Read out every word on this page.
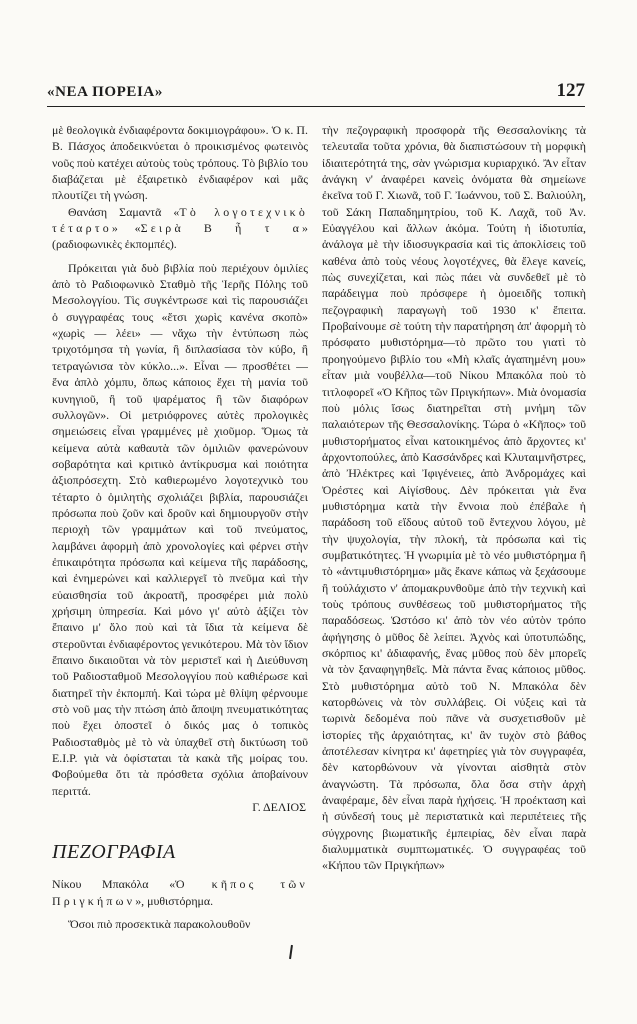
«ΝΕΑ ΠΟΡΕΙΑ»	127

μὲ θεολογικὰ ἐνδιαφέροντα δοκιμιογράφου». Ὁ κ. Π. Β. Πάσχος ἀποδεικνύεται ὁ προικισμένος φωτεινὸς νοῦς ποὺ κατέχει αὐτοὺς τοὺς τρόπους. Τὸ βιβλίο του διαβάζεται μὲ ἐξαιρετικὸ ἐνδιαφέρον καὶ μᾶς πλουτίζει τὴ γνώση.

Θανάση Σαμαντᾶ «Τὸ λογοτεχνικὸ τέταρτο» «Σειρὰ Β ἦ τ α» (ραδιοφωνικὲς ἐκπομπές).

Πρόκειται γιὰ δυὸ βιβλία ποὺ περιέχουν ὁμιλίες ἀπὸ τὸ Ραδιοφωνικὸ Σταθμὸ τῆς Ἱερῆς Πόλης τοῦ Μεσολογγίου. Τὶς συγκέντρωσε καὶ τὶς παρουσιάζει ὁ συγγραφέας τους «ἔτσι χωρὶς κανένα σκοπὸ» «χωρὶς — λέει» — νἄχω τὴν ἐντύπωση πὼς τριχοτόμησα τὴ γωνία, ἢ διπλασίασα τὸν κύβο, ἢ τετραγώνισα τὸν κύκλο...». Εἶναι — προσθέτει — ἕνα ἁπλὸ χόμπυ, ὅπως κάποιος ἔχει τὴ μανία τοῦ κυνηγιοῦ, ἢ τοῦ ψαρέματος ἢ τῶν διαφόρων συλλογῶν». Οἱ μετριόφρονες αὐτὲς προλογικὲς σημειώσεις εἶναι γραμμένες μὲ χιοῦμορ. Ὅμως τὰ κείμενα αὐτὰ καθαυτὰ τῶν ὁμιλιῶν φανερώνουν σοβαρότητα καὶ κριτικὸ ἀντίκρυσμα καὶ ποιότητα ἀξιοπρόσεχτη. Στὸ καθιερωμένο λογοτεχνικὸ του τέταρτο ὁ ὁμιλητὴς σχολιάζει βιβλία, παρουσιάζει πρόσωπα ποὺ ζοῦν καὶ δροῦν καὶ δημιουργοῦν στὴν περιοχὴ τῶν γραμμάτων καὶ τοῦ πνεύματος, λαμβάνει ἀφορμὴ ἀπὸ χρονολογίες καὶ φέρνει στὴν ἐπικαιρότητα πρόσωπα καὶ κείμενα τῆς παράδοσης, καὶ ἐνημερώνει καὶ καλλιεργεῖ τὸ πνεῦμα καὶ τὴν εὐαισθησία τοῦ ἀκροατῆ, προσφέρει μιὰ πολὺ χρήσιμη ὑπηρεσία. Καὶ μόνο γι' αὐτὸ ἀξίζει τὸν ἔπαινο μ' ὅλο ποὺ καὶ τὰ ἴδια τὰ κείμενα δὲ στεροῦνται ἐνδιαφέροντος γενικότερου. Μὰ τὸν ἴδιον ἔπαινο δικαιοῦται νὰ τὸν μεριστεῖ καὶ ἡ Διεύθυνση τοῦ Ραδιοσταθμοῦ Μεσολογγίου ποὺ καθιέρωσε καὶ διατηρεῖ τὴν ἐκπομπή. Καὶ τώρα μὲ θλίψη φέρνουμε στὸ νοῦ μας τὴν πτώση ἀπὸ ἄποψη πνευματικότητας ποὺ ἔχει ὁποστεῖ ὁ δικός μας ὁ τοπικὸς Ραδιοσταθμὸς μὲ τὸ νὰ ὑπαχθεῖ στὴ δικτύωση τοῦ Ε.Ι.Ρ. γιὰ νὰ ὀφίσταται τὰ κακὰ τῆς μοίρας του. Φοβούμεθα ὅτι τὰ πρόσθετα σχόλια ἀποβαίνουν περιττά.

Γ. ΔΕΛΙΟΣ

ΠΕΖΟΓΡΑΦΙΑ

Νίκου Μπακόλα «Ὁ κῆπος τῶν Πριγκήπων», μυθιστόρημα.

Ὅσοι πιὸ προσεκτικὰ παρακολουθοῦν

τὴν πεζογραφικὴ προσφορὰ τῆς Θεσσαλονίκης τὰ τελευταῖα τοῦτα χρόνια, θὰ διαπιστώσουν τὴ μορφικὴ ἰδιαιτερότητά της, σὰν γνώρισμα κυριαρχικό. Ἂν εἶταν ἀνάγκη ν' ἀναφέρει κανεὶς ὀνόματα θὰ σημείωνε ἐκεῖνα τοῦ Γ. Χιωνᾶ, τοῦ Γ. Ἰωάννου, τοῦ Σ. Βαλιούλη, τοῦ Σάκη Παπαδημητρίου, τοῦ Κ. Λαχᾶ, τοῦ Ἀν. Εὐαγγέλου καὶ ἄλλων ἀκόμα. Τούτη ἡ ἰδιοτυπία, ἀνάλογα μὲ τὴν ἰδιοσυγκρασία καὶ τὶς ἀποκλίσεις τοῦ καθένα ἀπὸ τοὺς νέους λογοτέχνες, θὰ ἔλεγε κανείς, πὼς συνεχίζεται, καὶ πὼς πάει νὰ συνδεθεῖ μὲ τὸ παράδειγμα ποὺ πρόσφερε ἡ ὁμοειδῆς τοπικὴ πεζογραφικὴ παραγωγὴ τοῦ 1930 κ' ἔπειτα. Προβαίνουμε σὲ τούτη τὴν παρατήρηση ἀπ' ἀφορμὴ τὸ πρόσφατο μυθιστόρημα—τὸ πρῶτο του γιατὶ τὸ προηγούμενο βιβλίο του «Μὴ κλαῖς ἀγαπημένη μου» εἶταν μιὰ νουβέλλα—τοῦ Νίκου Μπακόλα ποὺ τὸ τιτλοφορεῖ «Ὁ Κῆπος τῶν Πριγκήπων». Μιὰ ὀνομασία ποὺ μόλις ἴσως διατηρεῖται στὴ μνήμη τῶν παλαιότερων τῆς Θεσσαλονίκης. Τώρα ὁ «Κῆπος» τοῦ μυθιστορήματος εἶναι κατοικημένος ἀπὸ ἄρχοντες κι' ἀρχοντοπούλες, ἀπὸ Κασσάνδρες καὶ Κλυταιμνῆστρες, ἀπὸ Ἠλέκτρες καὶ Ἰφιγένειες, ἀπὸ Ἀνδρομάχες καὶ Ὀρέστες καὶ Αἰγίσθους. Δὲν πρόκειται γιὰ ἕνα μυθιστόρημα κατὰ τὴν ἔννοια ποὺ ἐπέβαλε ἡ παράδοση τοῦ εἴδους αὐτοῦ τοῦ ἔντεχνου λόγου, μὲ τὴν ψυχολογία, τὴν πλοκή, τὰ πρόσωπα καὶ τὶς συμβατικότητες. Ἡ γνωριμία μὲ τὸ νέο μυθιστόρημα ἢ τὸ «ἀντιμυθιστόρημα» μᾶς ἔκανε κάπως νὰ ξεχάσουμε ἢ τοὐλάχιστο ν' ἀπομακρυνθοῦμε ἀπὸ τὴν τεχνικὴ καὶ τοὺς τρόπους συνθέσεως τοῦ μυθιστορήματος τῆς παραδόσεως. Ὡστόσο κι' ἀπὸ τὸν νέο αὐτὸν τρόπο ἀφήγησης ὁ μῦθος δὲ λείπει. Ἀχνὸς καὶ ὑποτυπώδης, σκόρπιος κι' ἀδιαφανής, ἕνας μῦθος ποὺ δὲν μπορεῖς νὰ τὸν ξαναφηγηθεῖς. Μὰ πάντα ἕνας κάποιος μῦθος. Στὸ μυθιστόρημα αὐτὸ τοῦ Ν. Μπακόλα δὲν κατορθώνεις νὰ τὸν συλλάβεις. Οἱ νύξεις καὶ τὰ τωρινὰ δεδομένα ποὺ πᾶνε νὰ συσχετισθοῦν μὲ ἱστορίες τῆς ἀρχαιότητας, κι' ἂν τυχὸν στὸ βάθος ἀποτέλεσαν κίνητρα κι' ἀφετηρίες γιὰ τὸν συγγραφέα, δὲν κατορθώνουν νὰ γίνονται αἰσθητὰ στὸν ἀναγνώστη. Τὰ πρόσωπα, ὅλα ὅσα στὴν ἀρχὴ ἀναφέραμε, δὲν εἶναι παρὰ ἠχήσεις. Ἡ προέκταση καὶ ἡ σύνδεσή τους μὲ περιστατικὰ καὶ περιπέτειες τῆς σύγχρονης βιωματικῆς ἐμπειρίας, δὲν εἶναι παρὰ διαλυμματικὰ συμπτωματικές. Ὁ συγγραφέας τοῦ «Κήπου τῶν Πριγκήπων»
